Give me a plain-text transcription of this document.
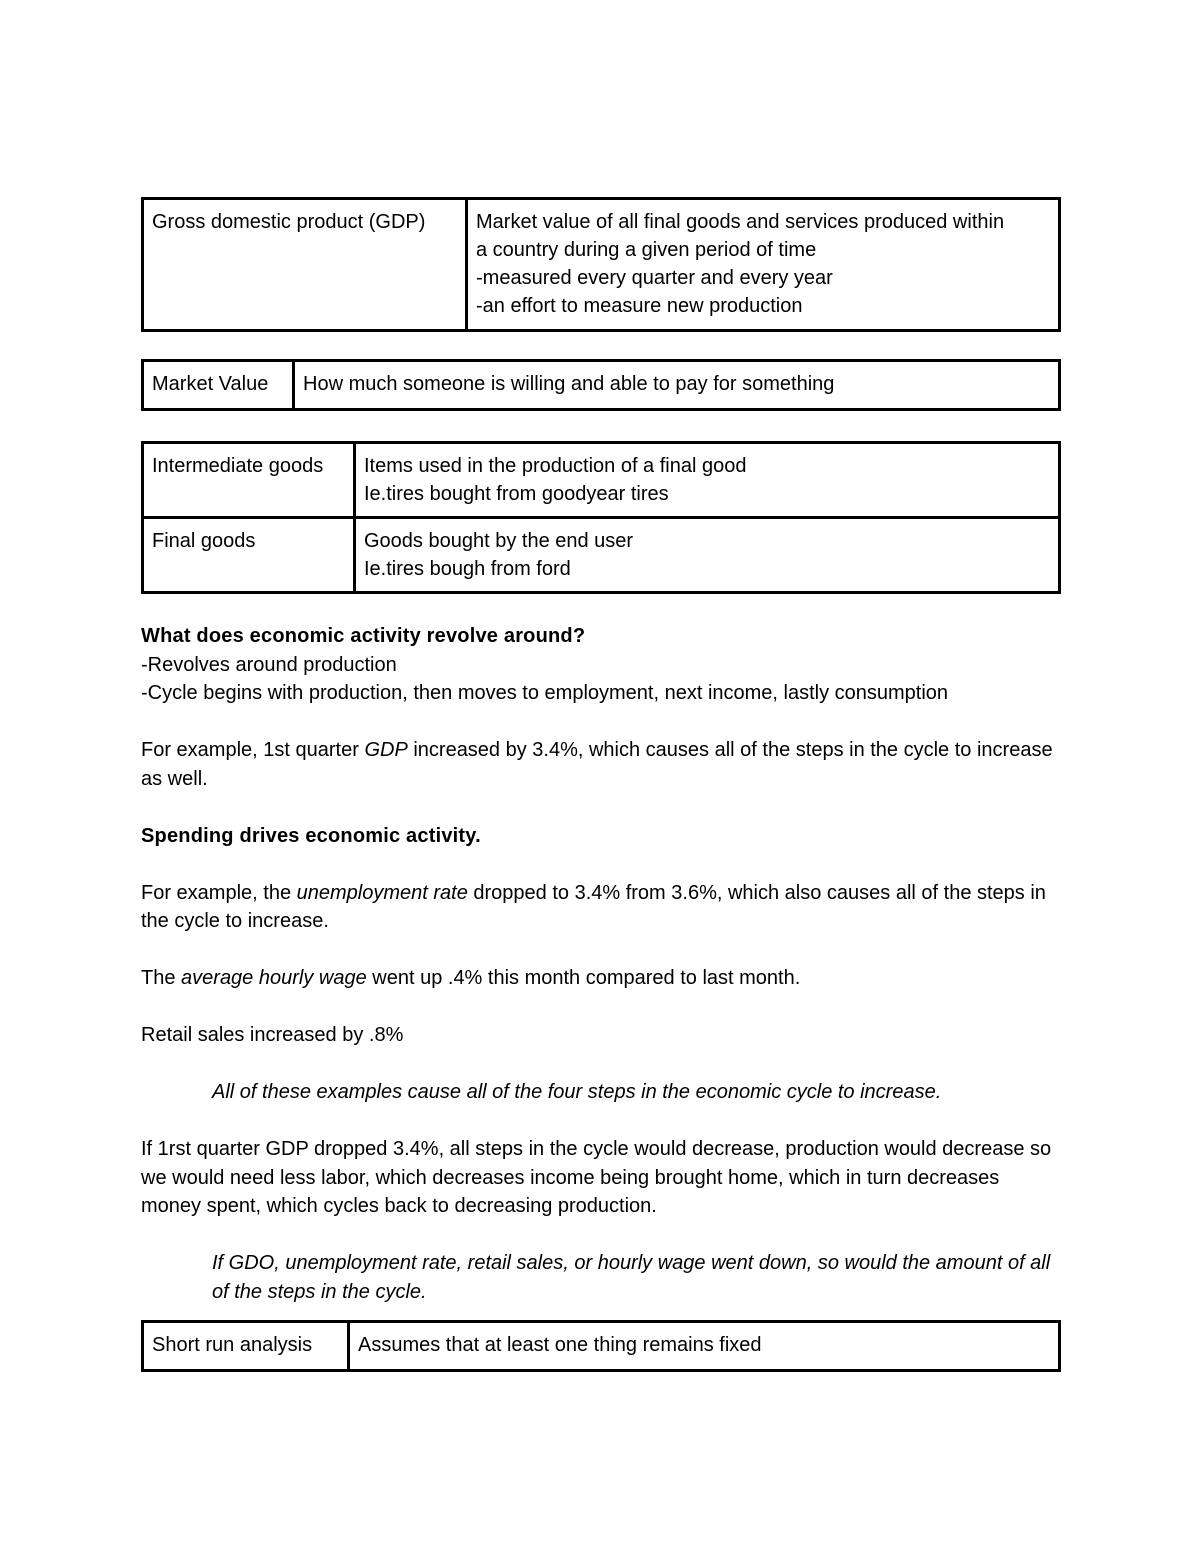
Gross domestic product (GDP)	Market value of all final goods and services produced within
a country during a given period of time
-measured every quarter and every year
-an effort to measure new production
Market Value	How much someone is willing and able to pay for something
Intermediate goods	Items used in the production of a final good
Ie.tires bought from goodyear tires

Final goods	Goods bought by the end user
Ie.tires bough from ford

What does economic activity revolve around?

-Revolves around production

-Cycle begins with production, then moves to employment, next income, lastly consumption

For example, 1st quarter GDP increased by 3.4%, which causes all of the steps in the cycle to increase as well.

Spending drives economic activity.

For example, the unemployment rate dropped to 3.4% from 3.6%, which also causes all of the steps in the cycle to increase.

The average hourly wage went up .4% this month compared to last month.

Retail sales increased by .8%

All of these examples cause all of the four steps in the economic cycle to increase.

If 1rst quarter GDP dropped 3.4%, all steps in the cycle would decrease, production would decrease so we would need less labor, which decreases income being brought home, which in turn decreases money spent, which cycles back to decreasing production.

If GDO, unemployment rate, retail sales, or hourly wage went down, so would the amount of all of the steps in the cycle.

Short run analysis	Assumes that at least one thing remains fixed
